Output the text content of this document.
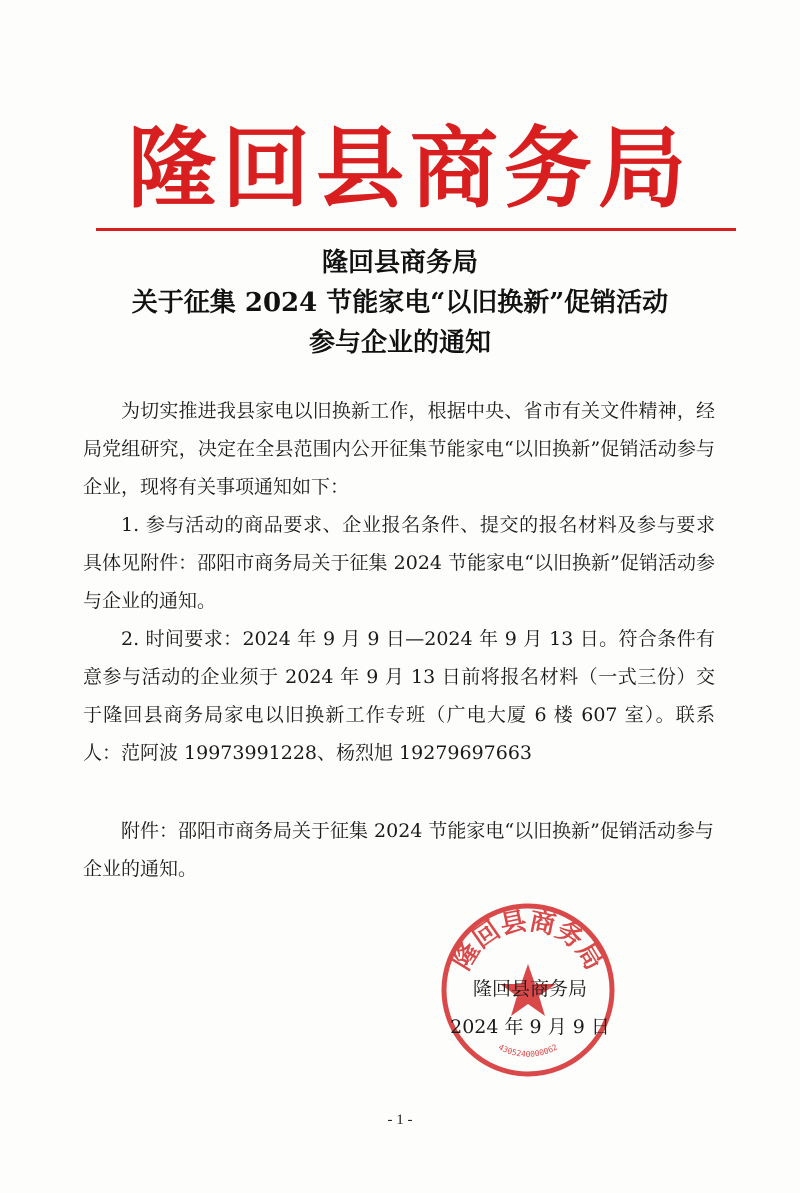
隆回县商务局
隆回县商务局
关于征集 2024 节能家电“以旧换新”促销活动
参与企业的通知

为切实推进我县家电以旧换新工作，根据中央、省市有关文件精神，经局党组研究，决定在全县范围内公开征集节能家电“以旧换新”促销活动参与企业，现将有关事项通知如下：

1. 参与活动的商品要求、企业报名条件、提交的报名材料及参与要求具体见附件：邵阳市商务局关于征集 2024 节能家电“以旧换新”促销活动参与企业的通知。

2. 时间要求：2024 年 9 月 9 日—2024 年 9 月 13 日。符合条件有意参与活动的企业须于 2024 年 9 月 13 日前将报名材料（一式三份）交于隆回县商务局家电以旧换新工作专班（广电大厦 6 楼 607 室）。联系人：范阿波 19973991228、杨烈旭 19279697663

附件：邵阳市商务局关于征集 2024 节能家电“以旧换新”促销活动参与企业的通知。

隆回县商务局
4305240000062
隆回县商务局
2024 年 9 月 9 日
- 1 -
